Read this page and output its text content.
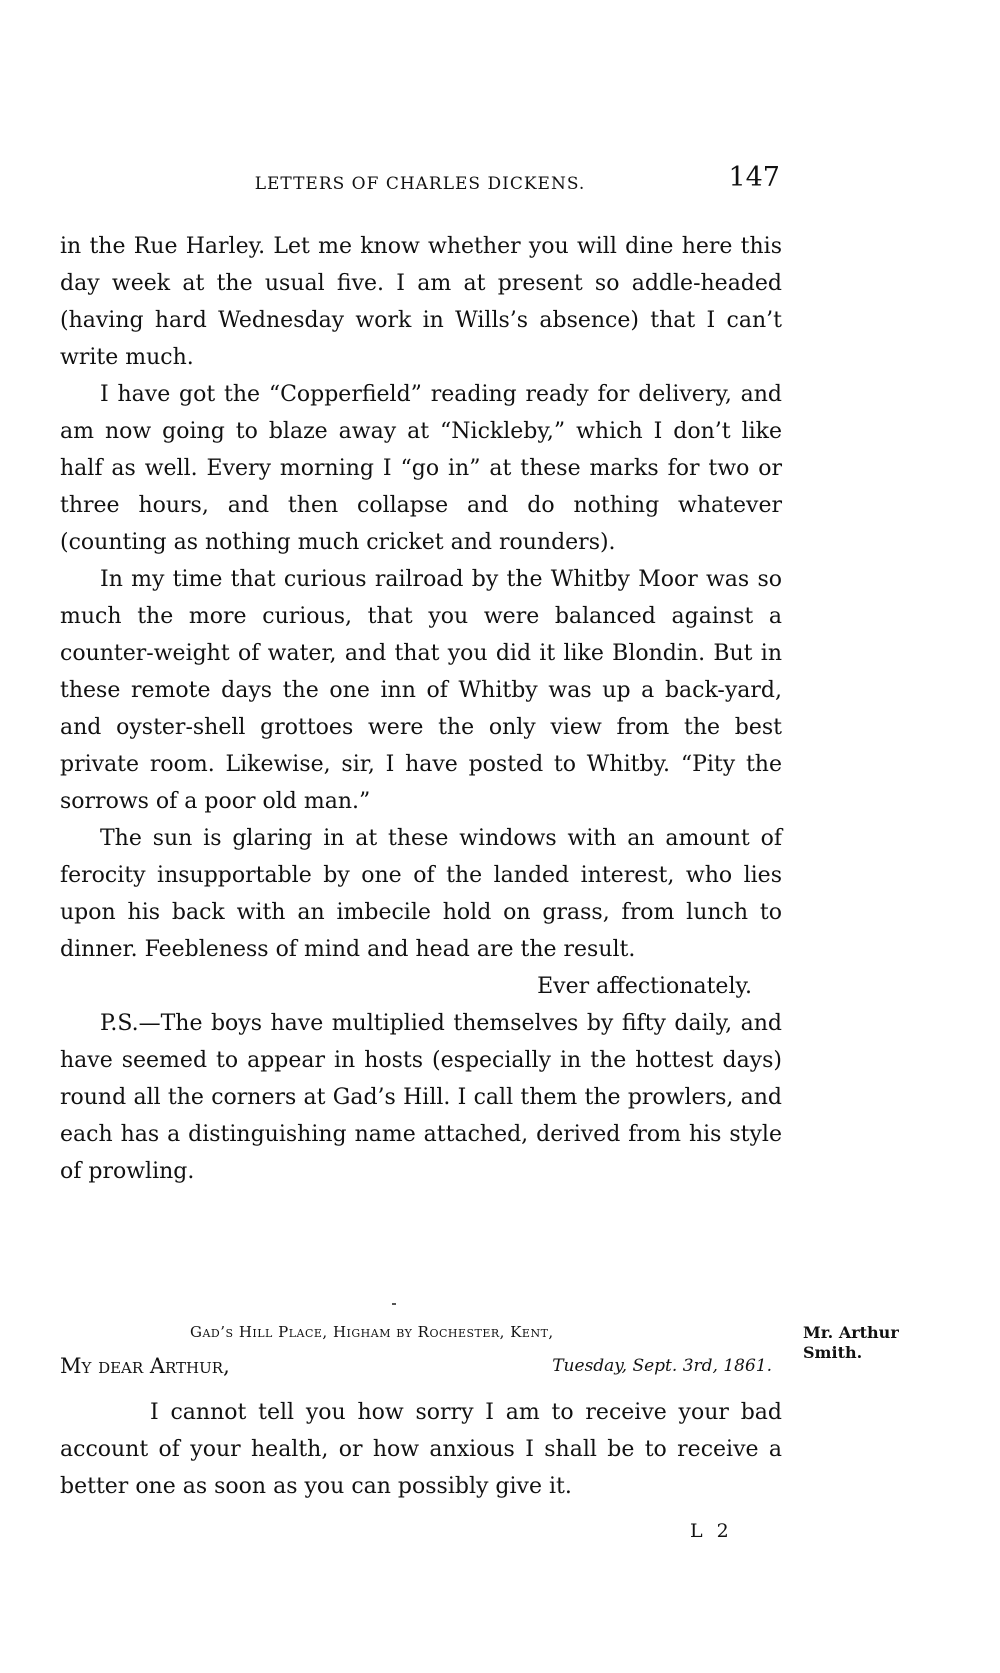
LETTERS OF CHARLES DICKENS.	147

in the Rue Harley. Let me know whether you will dine here this day week at the usual five. I am at present so addle-headed (having hard Wednesday work in Wills’s absence) that I can’t write much.

I have got the “Copperfield” reading ready for delivery, and am now going to blaze away at “Nickleby,” which I don’t like half as well. Every morning I “go in” at these marks for two or three hours, and then collapse and do nothing whatever (counting as nothing much cricket and rounders).

In my time that curious railroad by the Whitby Moor was so much the more curious, that you were balanced against a counter-weight of water, and that you did it like Blondin. But in these remote days the one inn of Whitby was up a back-yard, and oyster-shell grottoes were the only view from the best private room. Likewise, sir, I have posted to Whitby. “Pity the sorrows of a poor old man.”

The sun is glaring in at these windows with an amount of ferocity insupportable by one of the landed interest, who lies upon his back with an imbecile hold on grass, from lunch to dinner. Feebleness of mind and head are the result.

Ever affectionately.

P.S.—The boys have multiplied themselves by fifty daily, and have seemed to appear in hosts (especially in the hottest days) round all the corners at Gad’s Hill. I call them the prowlers, and each has a distinguishing name attached, derived from his style of prowling.

Gad’s Hill Place, Higham by Rochester, Kent,	Mr. Arthur Smith.
My dear Arthur,	Tuesday, Sept. 3rd, 1861.

I cannot tell you how sorry I am to receive your bad account of your health, or how anxious I shall be to receive a better one as soon as you can possibly give it.

L 2
